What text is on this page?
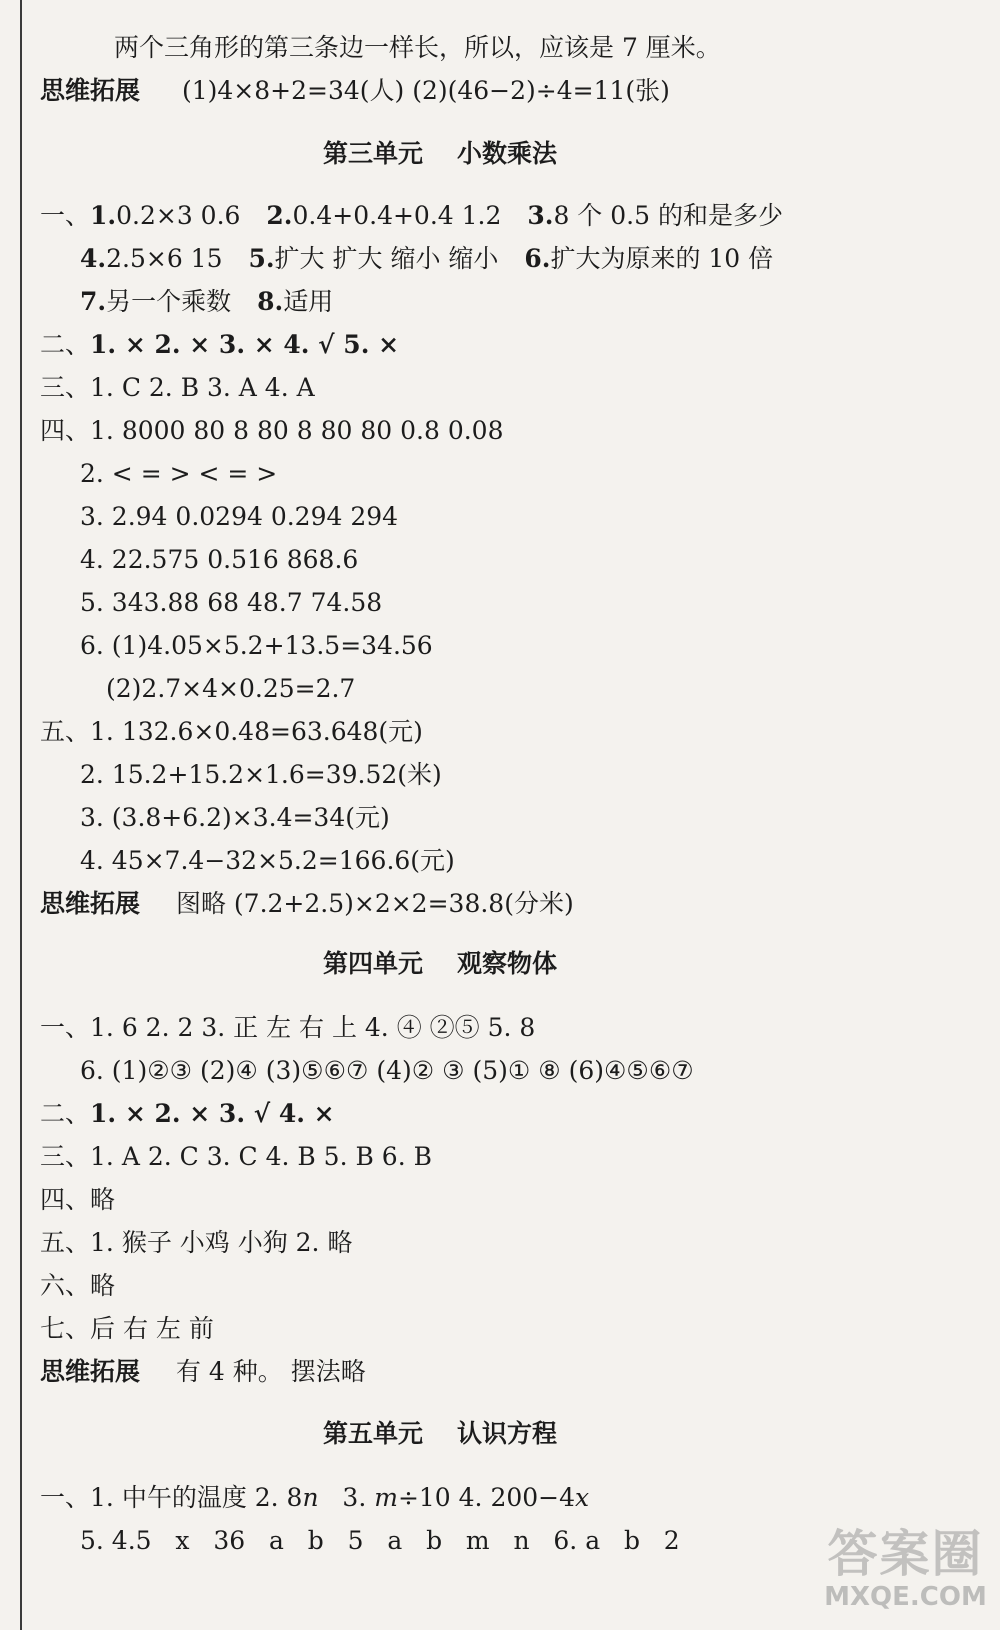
两个三角形的第三条边一样长，所以，应该是 7 厘米。
思维拓展 (1)4×8+2=34(人) (2)(46−2)÷4=11(张)
第三单元 小数乘法
一、1.0.2×3 0.6 2.0.4+0.4+0.4 1.2 3.8 个 0.5 的和是多少
4.2.5×6 15 5.扩大 扩大 缩小 缩小 6.扩大为原来的 10 倍
7.另一个乘数 8.适用
二、1. × 2. × 3. × 4. √ 5. ×
三、1. C 2. B 3. A 4. A
四、1. 8000 80 8 80 8 80 80 0.8 0.08
2. < = > < = >
3. 2.94 0.0294 0.294 294
4. 22.575 0.516 868.6
5. 343.88 68 48.7 74.58
6. (1)4.05×5.2+13.5=34.56
(2)2.7×4×0.25=2.7
五、1. 132.6×0.48=63.648(元)
2. 15.2+15.2×1.6=39.52(米)
3. (3.8+6.2)×3.4=34(元)
4. 45×7.4−32×5.2=166.6(元)
思维拓展 图略 (7.2+2.5)×2×2=38.8(分米)
第四单元 观察物体
一、1. 6 2. 2 3. 正 左 右 上 4. ④ ②⑤ 5. 8
6. (1)②③ (2)④ (3)⑤⑥⑦ (4)② ③ (5)① ⑧ (6)④⑤⑥⑦
二、1. × 2. × 3. √ 4. ×
三、1. A 2. C 3. C 4. B 5. B 6. B
四、略
五、1. 猴子 小鸡 小狗 2. 略
六、略
七、后 右 左 前
思维拓展 有 4 种。 摆法略
第五单元 认识方程
一、1. 中午的温度 2. 8n   3. m÷10 4. 200−4x
5. 4.5   x   36   a   b   5   a   b   m   n   6. a   b   2	答案圈
MXQE.COM
